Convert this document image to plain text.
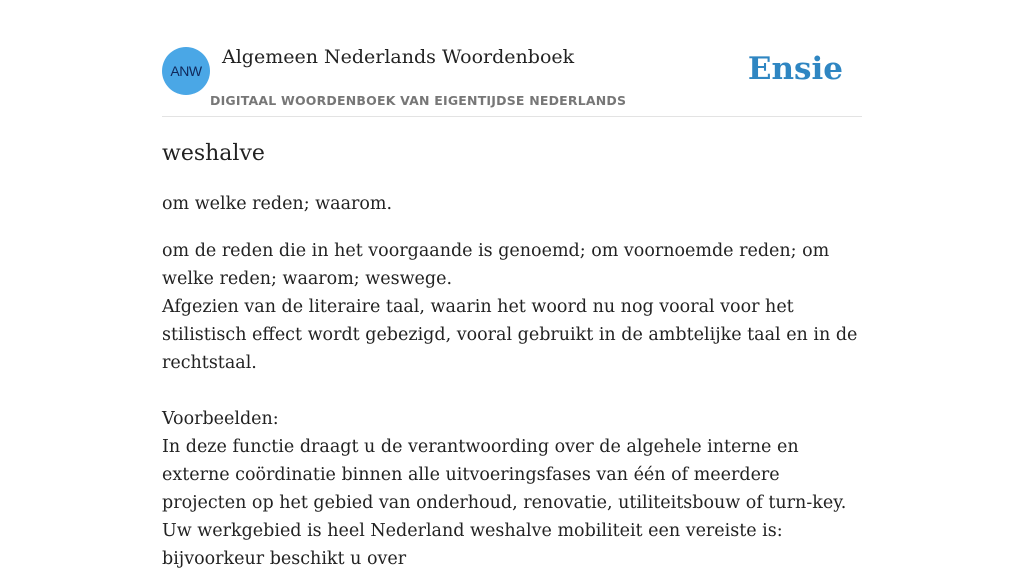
ANW
Algemeen Nederlands Woordenboek
DIGITAAL WOORDENBOEK VAN EIGENTIJDSE NEDERLANDS
Ensie
weshalve

om welke reden; waarom.

om de reden die in het voorgaande is genoemd; om voornoemde reden; om welke reden; waarom; weswege.
Afgezien van de literaire taal, waarin het woord nu nog vooral voor het stilistisch effect wordt gebezigd, vooral gebruikt in de ambtelijke taal en in de rechtstaal.

Voorbeelden:
In deze functie draagt u de verantwoording over de algehele interne en externe coördinatie binnen alle uitvoeringsfases van één of meerdere projecten op het gebied van onderhoud, renovatie, utiliteitsbouw of turn-key. Uw werkgebied is heel Nederland weshalve mobiliteit een vereiste is: bijvoorkeur beschikt u over
